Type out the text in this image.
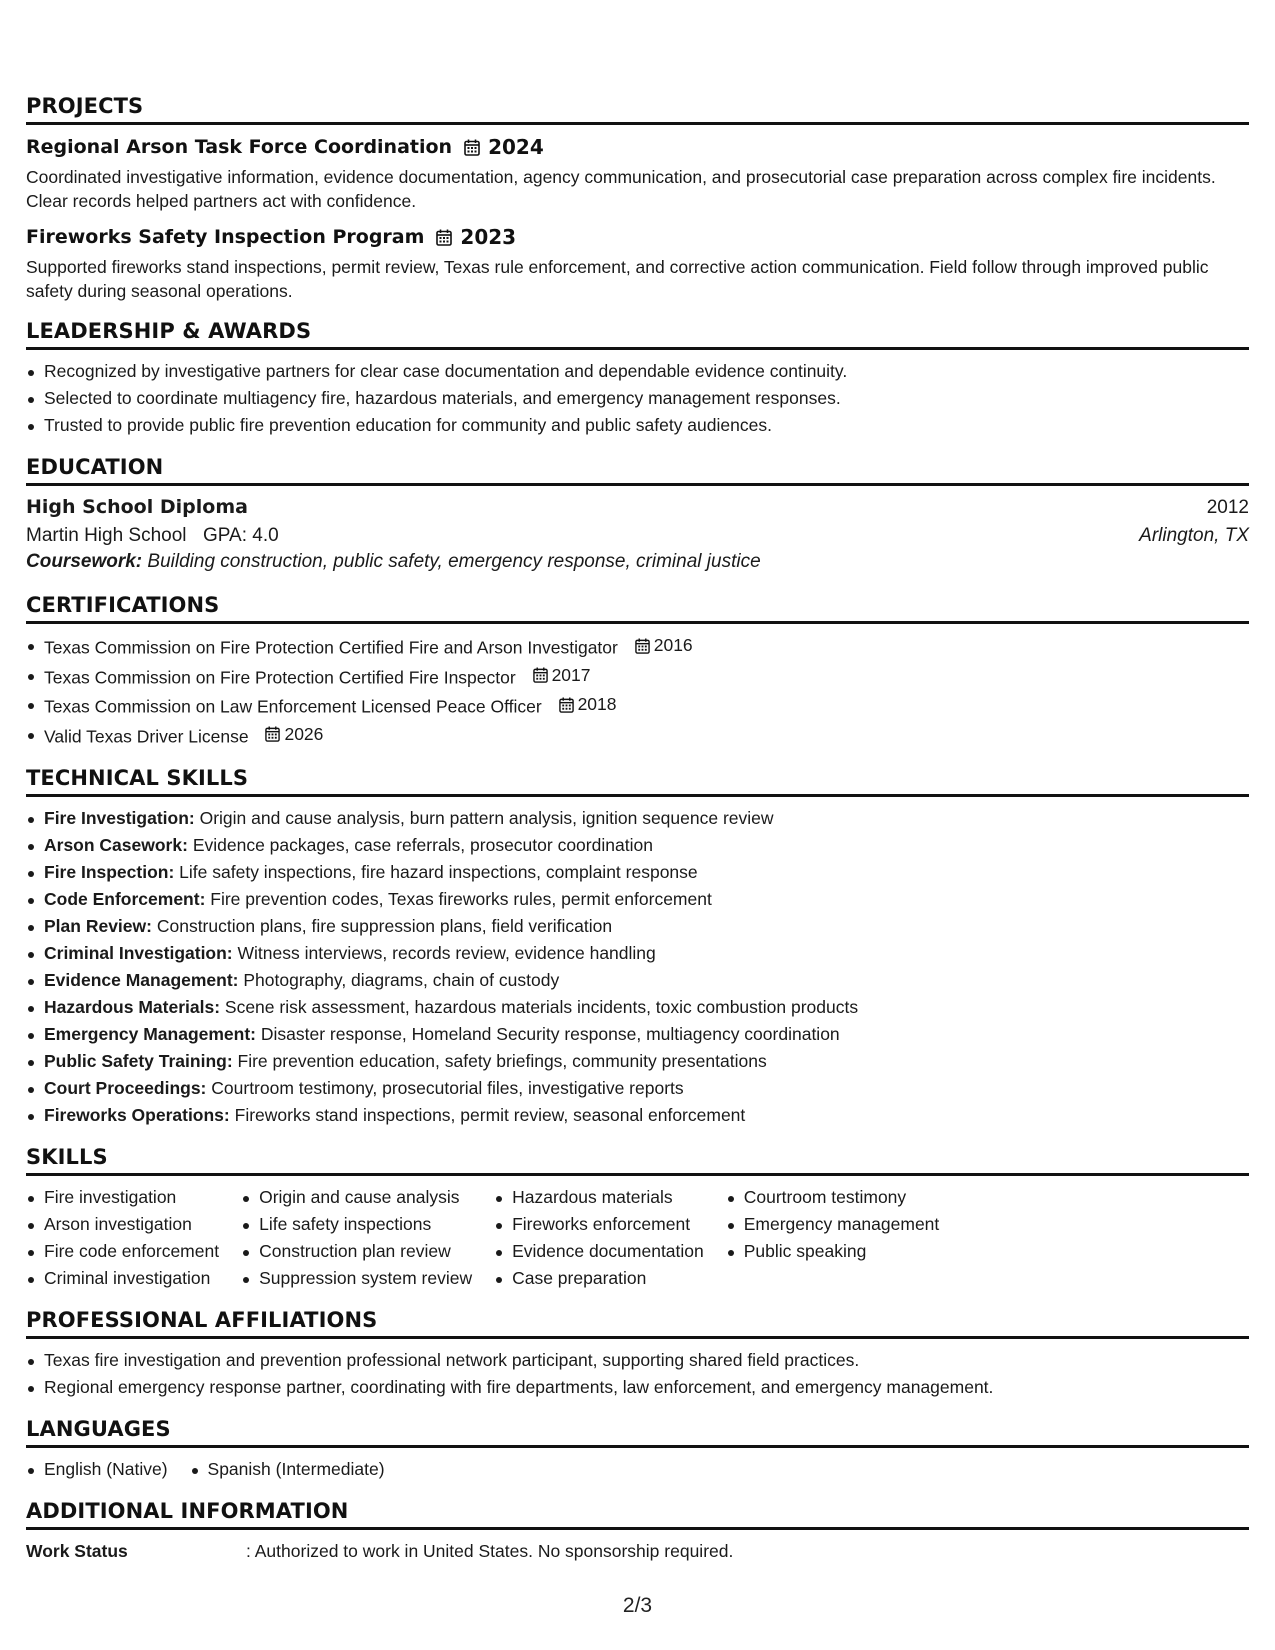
PROJECTS
Regional Arson Task Force Coordination 2024
Coordinated investigative information, evidence documentation, agency communication, and prosecutorial case preparation across complex fire incidents. Clear records helped partners act with confidence.
Fireworks Safety Inspection Program 2023
Supported fireworks stand inspections, permit review, Texas rule enforcement, and corrective action communication. Field follow through improved public safety during seasonal operations.
LEADERSHIP & AWARDS
Recognized by investigative partners for clear case documentation and dependable evidence continuity.
Selected to coordinate multiagency fire, hazardous materials, and emergency management responses.
Trusted to provide public fire prevention education for community and public safety audiences.
EDUCATION
High School Diploma	2012
Martin High School GPA: 4.0	Arlington, TX
Coursework: Building construction, public safety, emergency response, criminal justice
CERTIFICATIONS
Texas Commission on Fire Protection Certified Fire and Arson Investigator 2016
Texas Commission on Fire Protection Certified Fire Inspector 2017
Texas Commission on Law Enforcement Licensed Peace Officer 2018
Valid Texas Driver License 2026
TECHNICAL SKILLS
Fire Investigation: Origin and cause analysis, burn pattern analysis, ignition sequence review
Arson Casework: Evidence packages, case referrals, prosecutor coordination
Fire Inspection: Life safety inspections, fire hazard inspections, complaint response
Code Enforcement: Fire prevention codes, Texas fireworks rules, permit enforcement
Plan Review: Construction plans, fire suppression plans, field verification
Criminal Investigation: Witness interviews, records review, evidence handling
Evidence Management: Photography, diagrams, chain of custody
Hazardous Materials: Scene risk assessment, hazardous materials incidents, toxic combustion products
Emergency Management: Disaster response, Homeland Security response, multiagency coordination
Public Safety Training: Fire prevention education, safety briefings, community presentations
Court Proceedings: Courtroom testimony, prosecutorial files, investigative reports
Fireworks Operations: Fireworks stand inspections, permit review, seasonal enforcement
SKILLS
Fire investigation
Arson investigation
Fire code enforcement
Criminal investigation
Origin and cause analysis
Life safety inspections
Construction plan review
Suppression system review
Hazardous materials
Fireworks enforcement
Evidence documentation
Case preparation
Courtroom testimony
Emergency management
Public speaking
PROFESSIONAL AFFILIATIONS
Texas fire investigation and prevention professional network participant, supporting shared field practices.
Regional emergency response partner, coordinating with fire departments, law enforcement, and emergency management.
LANGUAGES
English (Native)	Spanish (Intermediate)
ADDITIONAL INFORMATION
Work Status	: Authorized to work in United States. No sponsorship required.
2/3
